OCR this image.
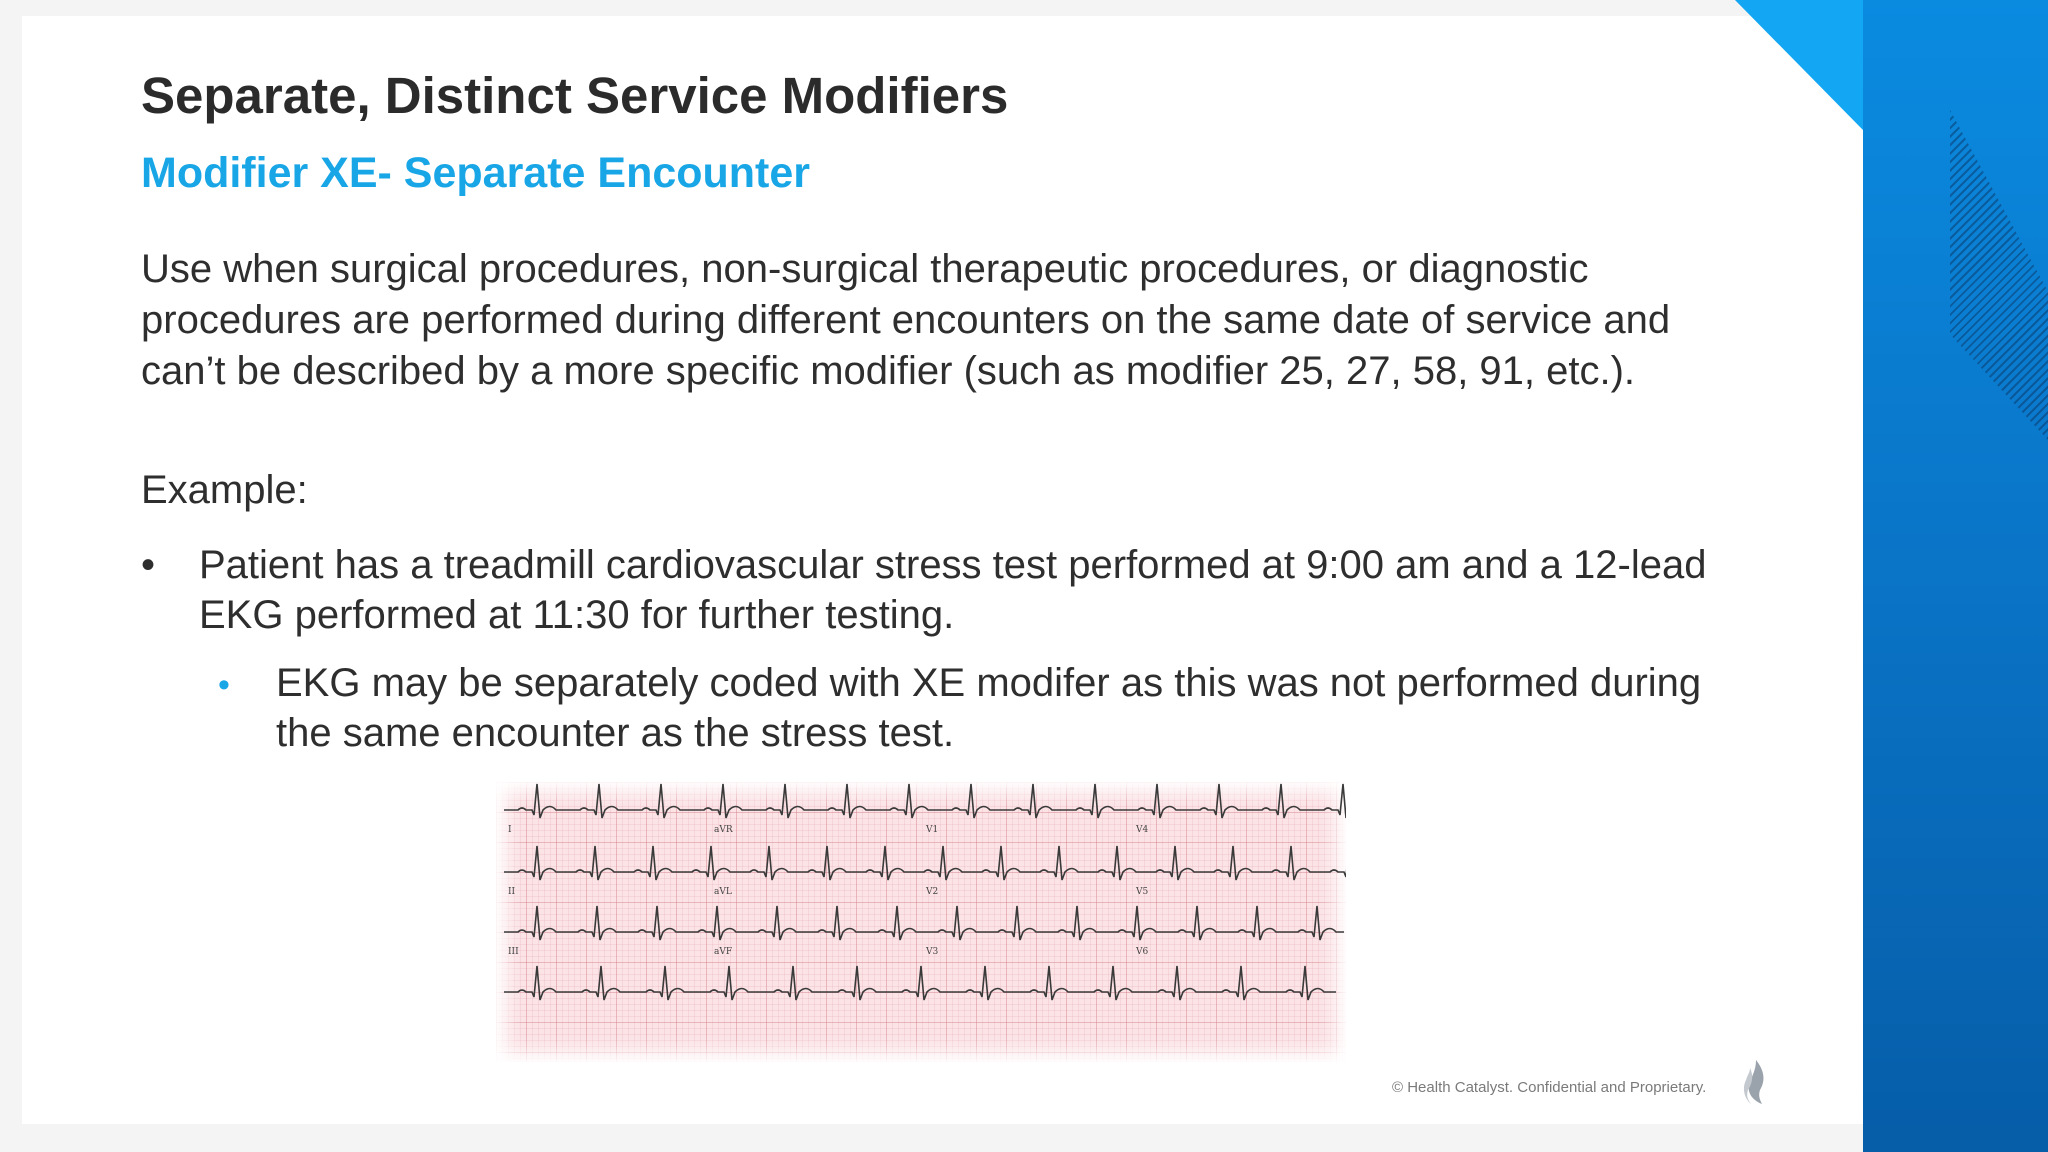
Separate, Distinct Service Modifiers
Modifier XE- Separate Encounter

Use when surgical procedures, non-surgical therapeutic procedures, or diagnostic procedures are performed during different encounters on the same date of service and can’t be described by a more specific modifier (such as modifier 25, 27, 58, 91, etc.).

Example:

• Patient has a treadmill cardiovascular stress test performed at 9:00 am and a 12-lead EKG performed at 11:30 for further testing.
• EKG may be separately coded with XE modifer as this was not performed during the same encounter as the stress test.
I	aVR	V1	V4
II	aVL	V2	V5
III	aVF	V3	V6

© Health Catalyst. Confidential and Proprietary.
